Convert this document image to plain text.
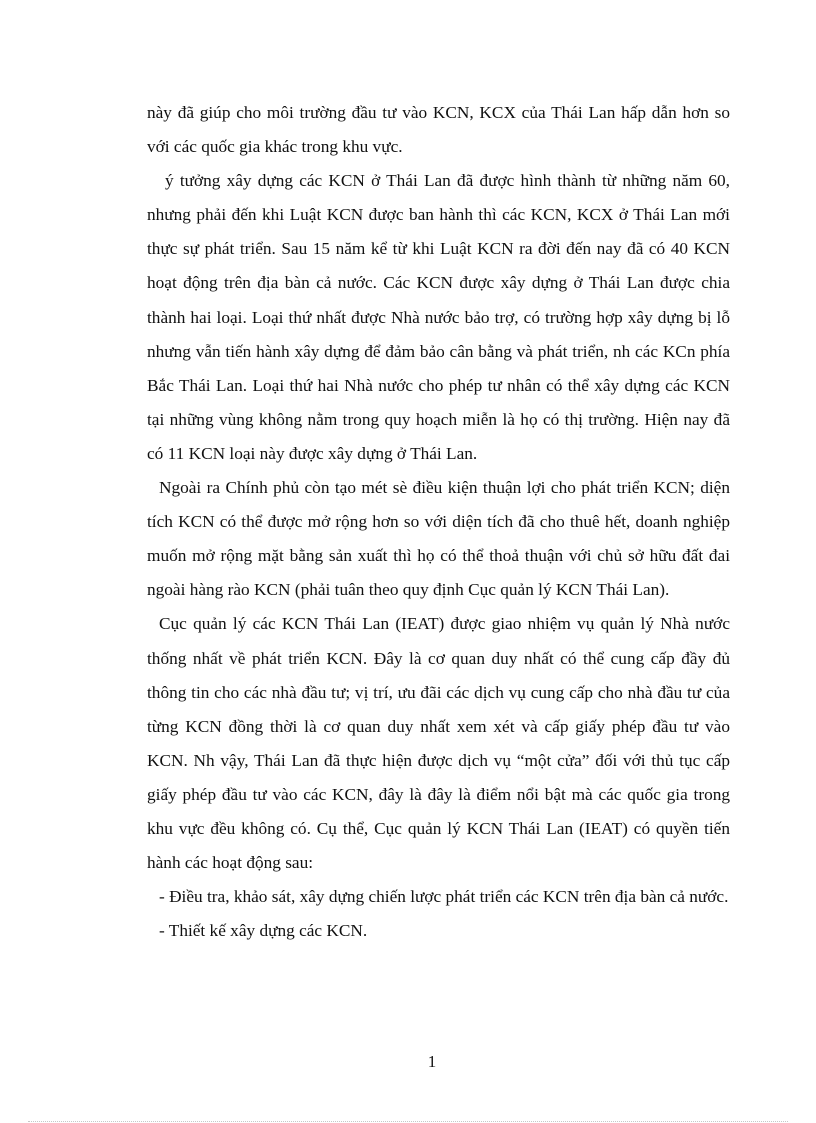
này đã giúp cho môi trường đầu tư vào KCN, KCX của Thái Lan hấp dẫn hơn so với các quốc gia khác trong khu vực.

ý tưởng xây dựng các KCN ở Thái Lan đã được hình thành từ những năm 60, nhưng phải đến khi Luật KCN được ban hành thì các KCN, KCX ở Thái Lan mới thực sự phát triển. Sau 15 năm kể từ khi Luật KCN ra đời đến nay đã có 40 KCN hoạt động trên địa bàn cả nước. Các KCN được xây dựng ở Thái Lan được chia thành hai loại. Loại thứ nhất được Nhà nước bảo trợ, có trường hợp xây dựng bị lỗ nhưng vẫn tiến hành xây dựng để đảm bảo cân bằng và phát triển, nh các KCn phía Bắc Thái Lan. Loại thứ hai Nhà nước cho phép tư nhân có thể xây dựng các KCN tại những vùng không nằm trong quy hoạch miễn là họ có thị trường. Hiện nay đã có 11 KCN loại này được xây dựng ở Thái Lan.

Ngoài ra Chính phủ còn tạo mét sè điều kiện thuận lợi cho phát triển KCN; diện tích KCN có thể được mở rộng hơn so với diện tích đã cho thuê hết, doanh nghiệp muốn mở rộng mặt bằng sản xuất thì họ có thể thoả thuận với chủ sở hữu đất đai ngoài hàng rào KCN (phải tuân theo quy định Cục quản lý KCN Thái Lan).

Cục quản lý các KCN Thái Lan (IEAT) được giao nhiệm vụ quản lý Nhà nước thống nhất về phát triển KCN. Đây là cơ quan duy nhất có thể cung cấp đầy đủ thông tin cho các nhà đầu tư; vị trí, ưu đãi các dịch vụ cung cấp cho nhà đầu tư của từng KCN đồng thời là cơ quan duy nhất xem xét và cấp giấy phép đầu tư vào KCN. Nh vậy, Thái Lan đã thực hiện được dịch vụ “một cửa” đối với thủ tục cấp giấy phép đầu tư vào các KCN, đây là đây là điểm nổi bật mà các quốc gia trong khu vực đều không có. Cụ thể, Cục quản lý KCN Thái Lan (IEAT) có quyền tiến hành các hoạt động sau:

- Điều tra, khảo sát, xây dựng chiến lược phát triển các KCN trên địa bàn cả nước.

- Thiết kế xây dựng các KCN.

1
